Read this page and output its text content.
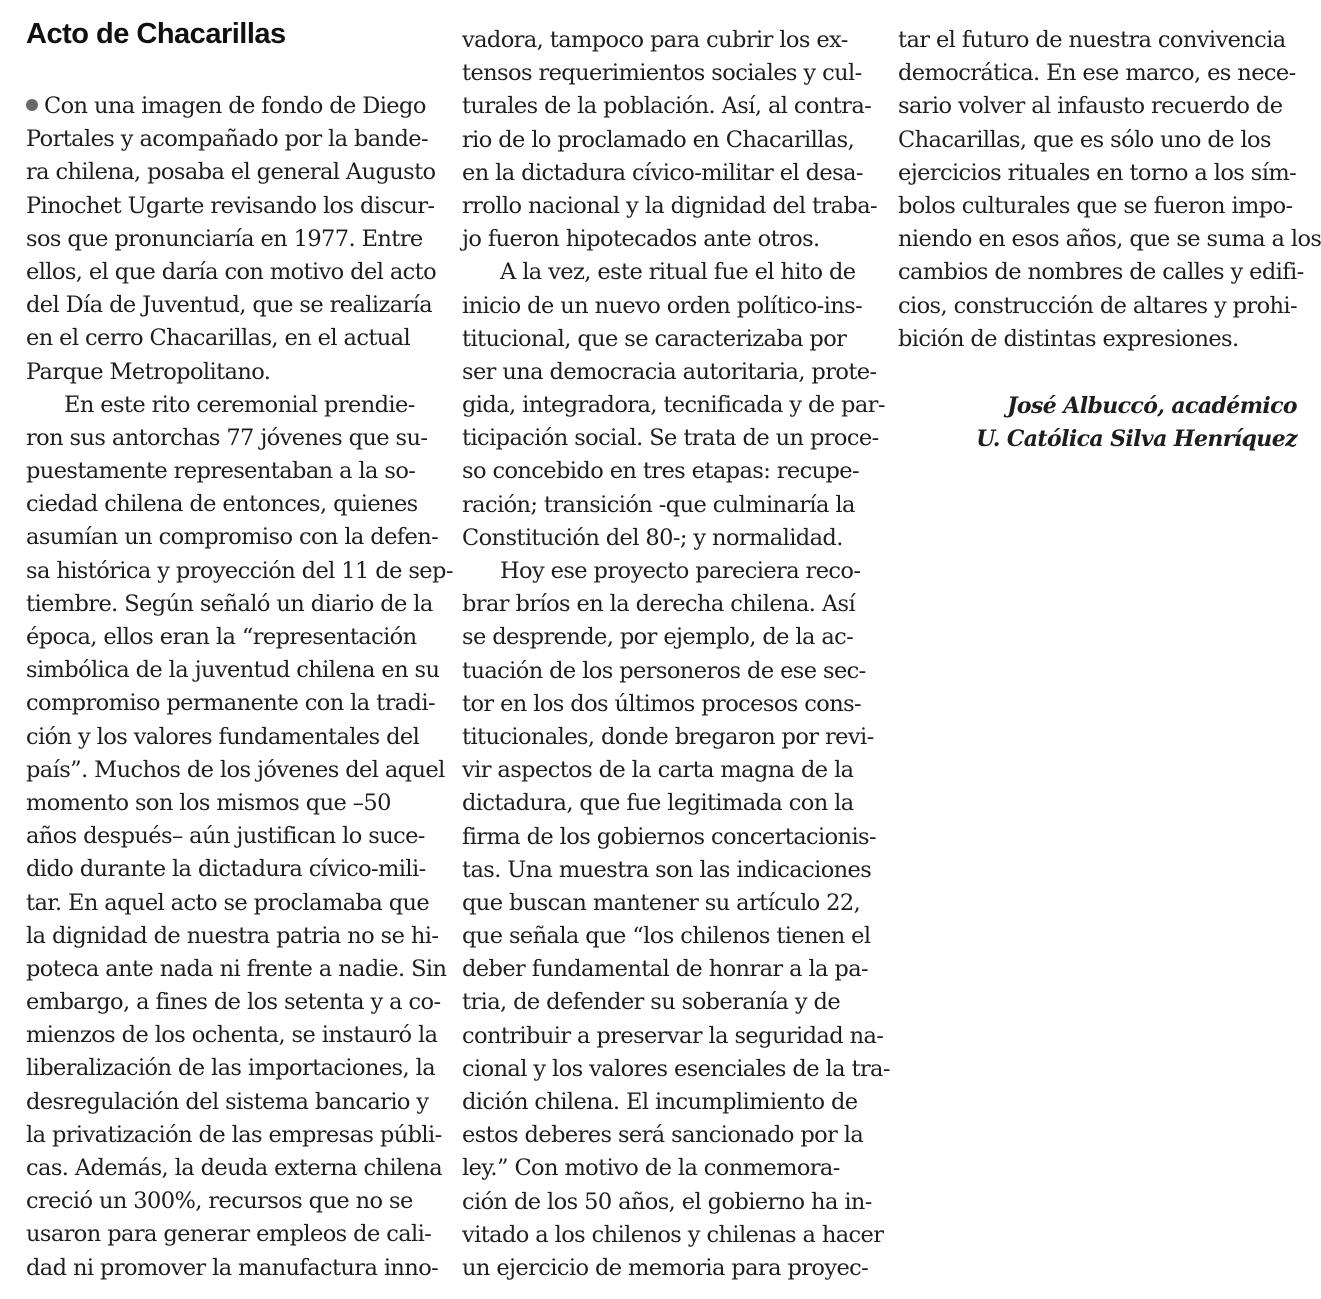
Acto de Chacarillas
Con una imagen de fondo de Diego
Portales y acompañado por la bande-
ra chilena, posaba el general Augusto
Pinochet Ugarte revisando los discur-
sos que pronunciaría en 1977. Entre
ellos, el que daría con motivo del acto
del Día de Juventud, que se realizaría
en el cerro Chacarillas, en el actual
Parque Metropolitano.
En este rito ceremonial prendie-
ron sus antorchas 77 jóvenes que su-
puestamente representaban a la so-
ciedad chilena de entonces, quienes
asumían un compromiso con la defen-
sa histórica y proyección del 11 de sep-
tiembre. Según señaló un diario de la
época, ellos eran la “representación
simbólica de la juventud chilena en su
compromiso permanente con la tradi-
ción y los valores fundamentales del
país”. Muchos de los jóvenes del aquel
momento son los mismos que –50
años después– aún justifican lo suce-
dido durante la dictadura cívico-mili-
tar. En aquel acto se proclamaba que
la dignidad de nuestra patria no se hi-
poteca ante nada ni frente a nadie. Sin
embargo, a fines de los setenta y a co-
mienzos de los ochenta, se instauró la
liberalización de las importaciones, la
desregulación del sistema bancario y
la privatización de las empresas públi-
cas. Además, la deuda externa chilena
creció un 300%, recursos que no se
usaron para generar empleos de cali-
dad ni promover la manufactura inno-
vadora, tampoco para cubrir los ex-
tensos requerimientos sociales y cul-
turales de la población. Así, al contra-
rio de lo proclamado en Chacarillas,
en la dictadura cívico-militar el desa-
rrollo nacional y la dignidad del traba-
jo fueron hipotecados ante otros.
A la vez, este ritual fue el hito de
inicio de un nuevo orden político-ins-
titucional, que se caracterizaba por
ser una democracia autoritaria, prote-
gida, integradora, tecnificada y de par-
ticipación social. Se trata de un proce-
so concebido en tres etapas: recupe-
ración; transición -que culminaría la
Constitución del 80-; y normalidad.
Hoy ese proyecto pareciera reco-
brar bríos en la derecha chilena. Así
se desprende, por ejemplo, de la ac-
tuación de los personeros de ese sec-
tor en los dos últimos procesos cons-
titucionales, donde bregaron por revi-
vir aspectos de la carta magna de la
dictadura, que fue legitimada con la
firma de los gobiernos concertacionis-
tas. Una muestra son las indicaciones
que buscan mantener su artículo 22,
que señala que “los chilenos tienen el
deber fundamental de honrar a la pa-
tria, de defender su soberanía y de
contribuir a preservar la seguridad na-
cional y los valores esenciales de la tra-
dición chilena. El incumplimiento de
estos deberes será sancionado por la
ley.” Con motivo de la conmemora-
ción de los 50 años, el gobierno ha in-
vitado a los chilenos y chilenas a hacer
un ejercicio de memoria para proyec-
tar el futuro de nuestra convivencia
democrática. En ese marco, es nece-
sario volver al infausto recuerdo de
Chacarillas, que es sólo uno de los
ejercicios rituales en torno a los sím-
bolos culturales que se fueron impo-
niendo en esos años, que se suma a los
cambios de nombres de calles y edifi-
cios, construcción de altares y prohi-
bición de distintas expresiones.
José Albuccó, académico
U. Católica Silva Henríquez
